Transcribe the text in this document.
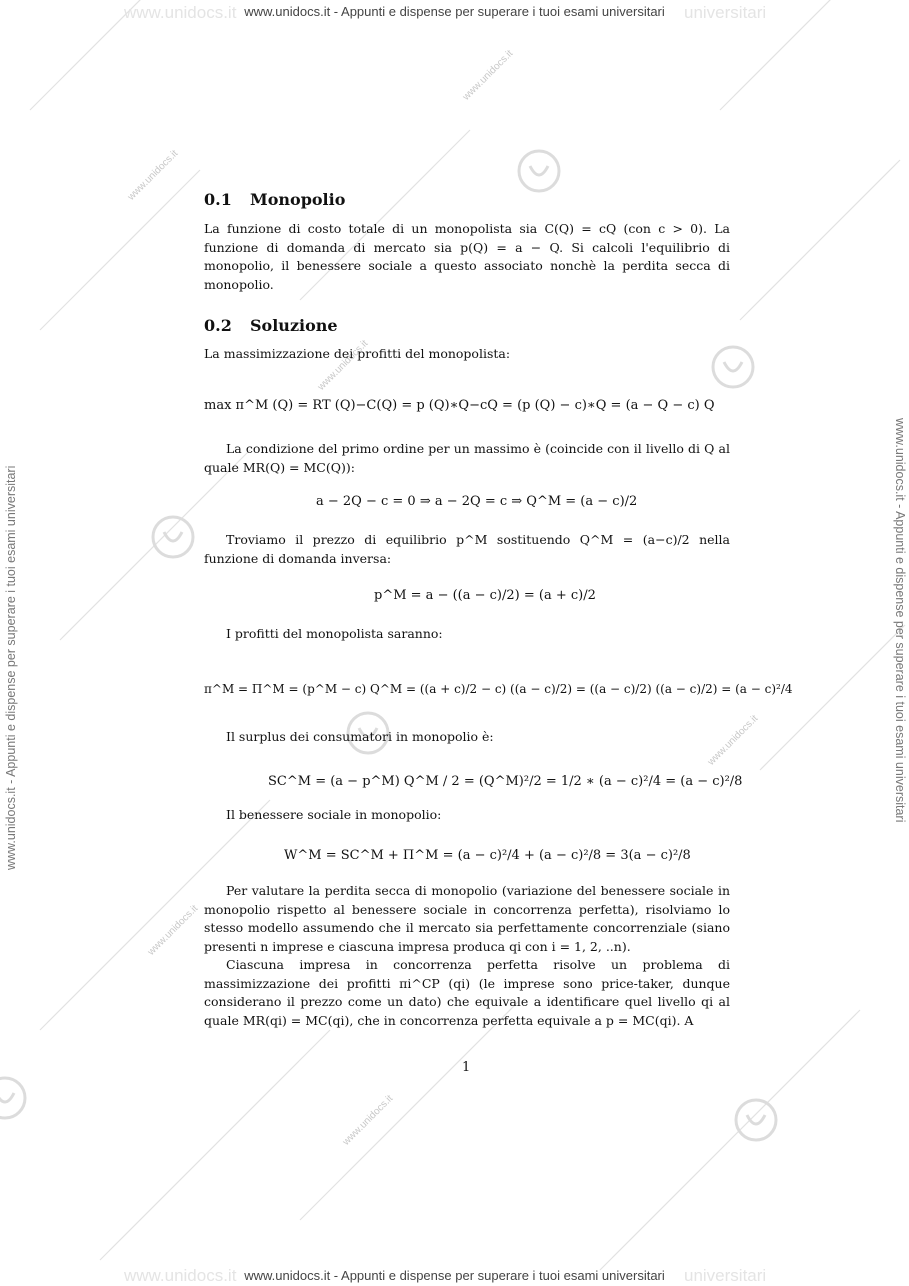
www.unidocs.it	universitari
www.unidocs.it	universitari
www.unidocs.it
www.unidocs.it
www.unidocs.it
www.unidocs.it
www.unidocs.it
www.unidocs.it
www.unidocs.it - Appunti e dispense per superare i tuoi esami universitari
www.unidocs.it - Appunti e dispense per superare i tuoi esami universitari
www.unidocs.it - Appunti e dispense per superare i tuoi esami universitari	www.unidocs.it - Appunti e dispense per superare i tuoi esami universitari
0.1 Monopolio

La funzione di costo totale di un monopolista sia C(Q) = cQ (con c > 0). La funzione di domanda di mercato sia p(Q) = a − Q. Si calcoli l'equilibrio di monopolio, il benessere sociale a questo associato nonchè la perdita secca di monopolio.

0.2 Soluzione

La massimizzazione dei profitti del monopolista:

max π^M (Q) = RT (Q)−C(Q) = p (Q)∗Q−cQ = (p (Q) − c)∗Q = (a − Q − c) Q

La condizione del primo ordine per un massimo è (coincide con il livello di Q al quale MR(Q) = MC(Q)):

a − 2Q − c = 0 ⇒ a − 2Q = c ⇒ Q^M = (a − c)/2

Troviamo il prezzo di equilibrio p^M sostituendo Q^M = (a−c)/2 nella funzione di domanda inversa:

p^M = a − ((a − c)/2) = (a + c)/2

I profitti del monopolista saranno:

π^M = Π^M = (p^M − c) Q^M = ((a + c)/2 − c) ((a − c)/2) = ((a − c)/2) ((a − c)/2) = (a − c)²/4

Il surplus dei consumatori in monopolio è:

SC^M = (a − p^M) Q^M / 2 = (Q^M)²/2 = 1/2 ∗ (a − c)²/4 = (a − c)²/8

Il benessere sociale in monopolio:

W^M = SC^M + Π^M = (a − c)²/4 + (a − c)²/8 = 3(a − c)²/8

Per valutare la perdita secca di monopolio (variazione del benessere sociale in monopolio rispetto al benessere sociale in concorrenza perfetta), risolviamo lo stesso modello assumendo che il mercato sia perfettamente concorrenziale (siano presenti n imprese e ciascuna impresa produca qi con i = 1, 2, ..n).

Ciascuna impresa in concorrenza perfetta risolve un problema di massimizzazione dei profitti πi^CP (qi) (le imprese sono price-taker, dunque considerano il prezzo come un dato) che equivale a identificare quel livello qi al quale MR(qi) = MC(qi), che in concorrenza perfetta equivale a p = MC(qi). A

1
